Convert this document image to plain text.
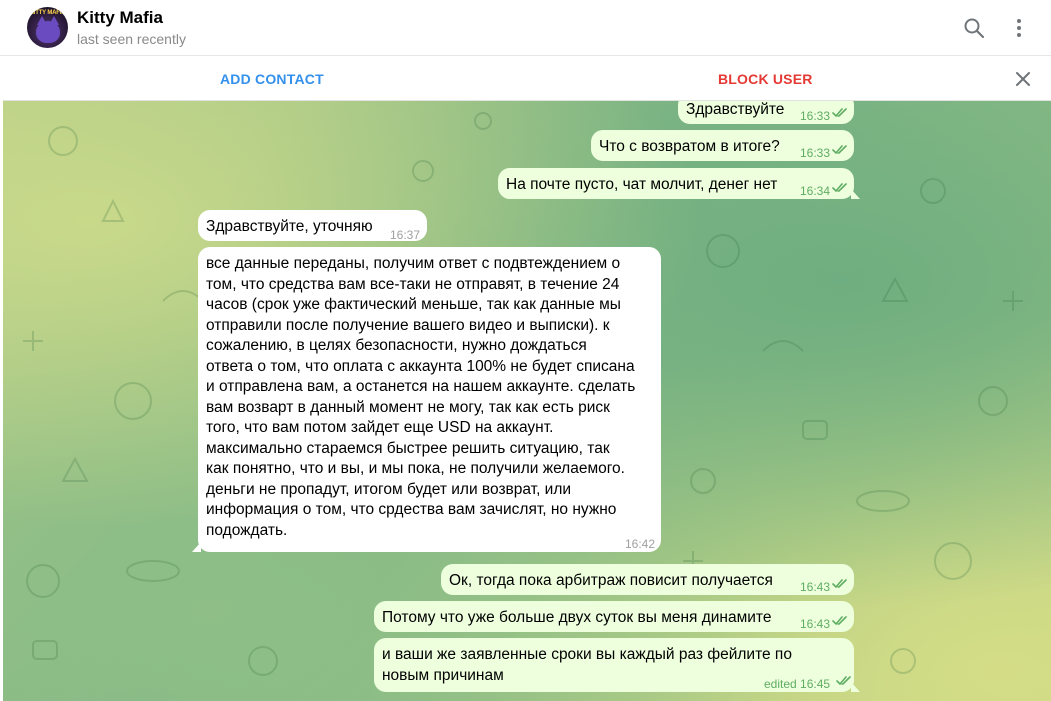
KITTY MAFIA Kitty Mafia
last seen recently
ADD CONTACT	BLOCK USER
Здравствуйте 16:33
Что с возвратом в итоге? 16:33
На почте пусто, чат молчит, денег нет 16:34
Здравствуйте, уточняю 16:37
все данные переданы, получим ответ с подвтеждением о
том, что средства вам все-таки не отправят, в течение 24
часов (срок уже фактический меньше, так как данные мы
отправили после получение вашего видео и выписки). к
сожалению, в целях безопасности, нужно дождаться
ответа о том, что оплата с аккаунта 100% не будет списана
и отправлена вам, а останется на нашем аккаунте. сделать
вам возварт в данный момент не могу, так как есть риск
того, что вам потом зайдет еще USD на аккаунт.
максимально стараемся быстрее решить ситуацию, так
как понятно, что и вы, и мы пока, не получили желаемого.
деньги не пропадут, итогом будет или возврат, или
информация о том, что срдества вам зачислят, но нужно
подождать.
16:42
Ок, тогда пока арбитраж повисит получается 16:43
Потому что уже больше двух суток вы меня динамите 16:43
и ваши же заявленные сроки вы каждый раз фейлите по
новым причинам
edited 16:45
